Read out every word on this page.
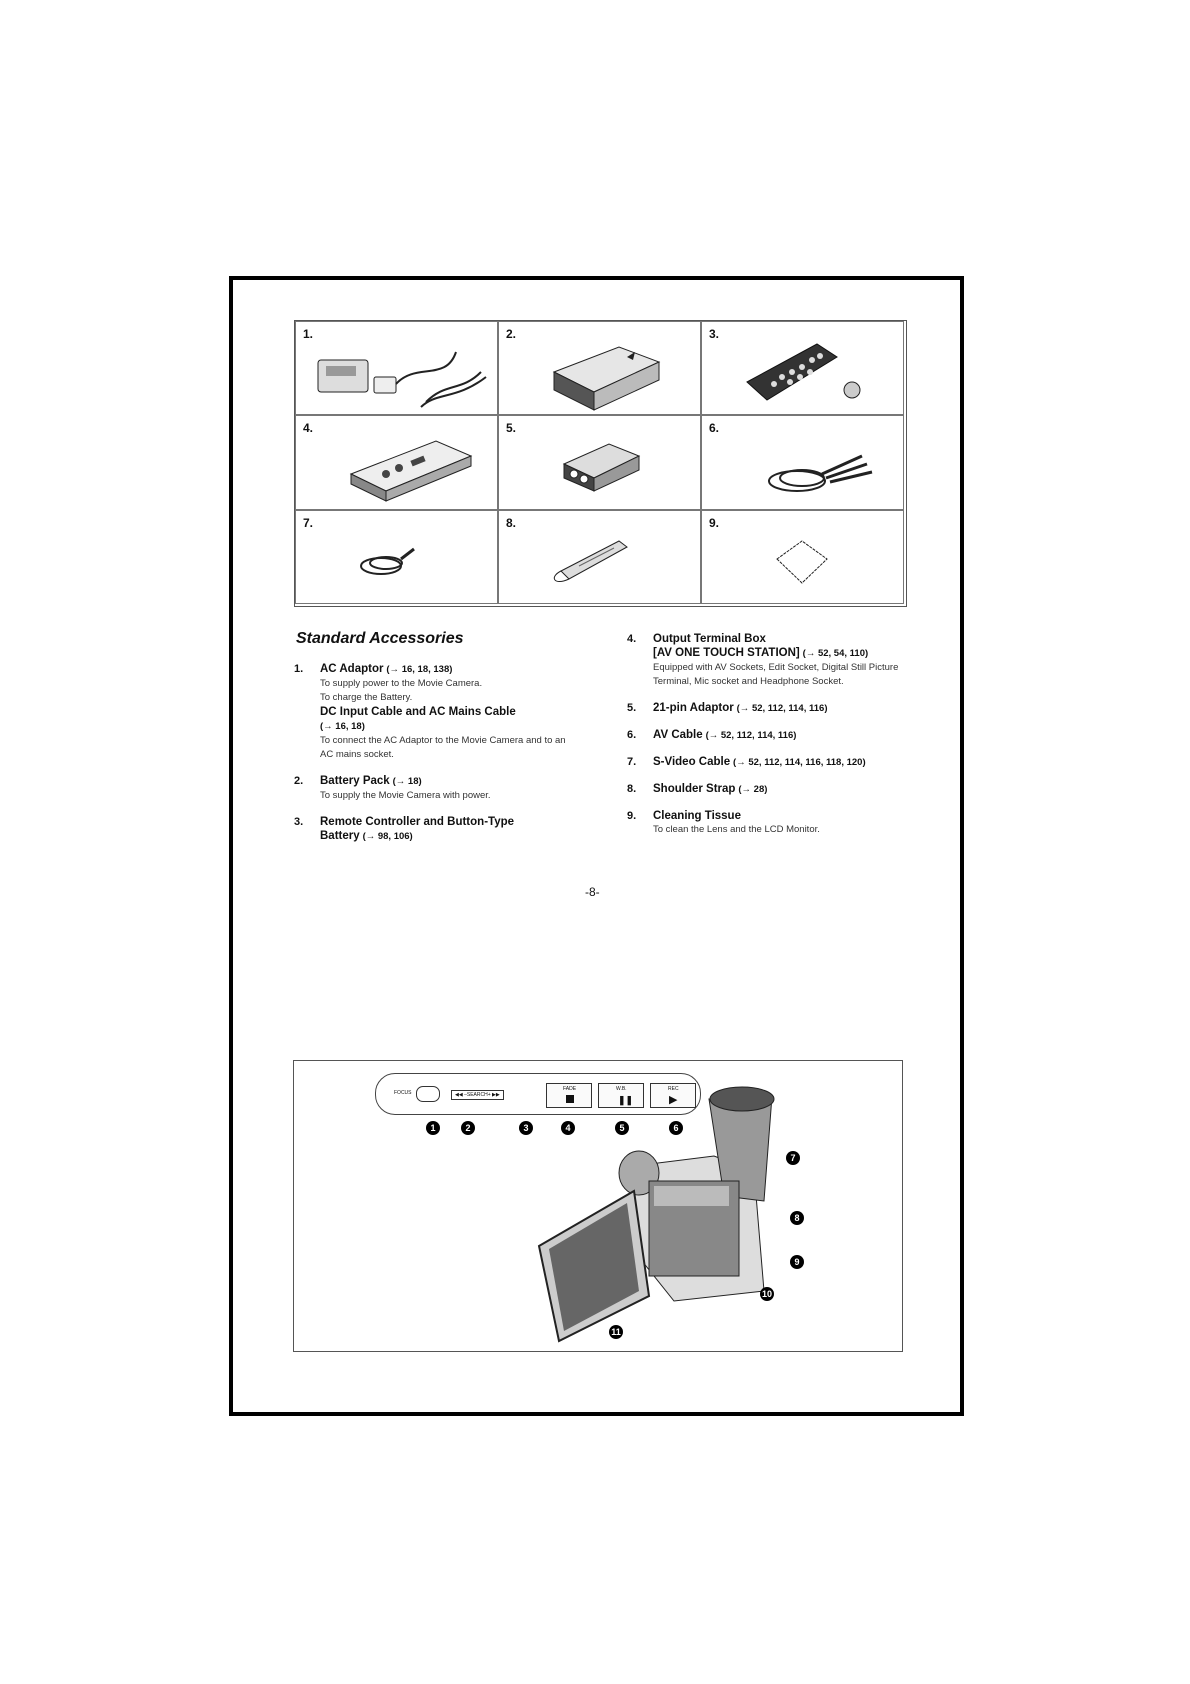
1.	2.	3.
4.	5.	6.
7.	8.	9.
Standard Accessories
1. AC Adaptor (→ 16, 18, 138)
To supply power to the Movie Camera.
To charge the Battery.
DC Input Cable and AC Mains Cable
(→ 16, 18)
To connect the AC Adaptor to the Movie Camera and to an AC mains socket.
2. Battery Pack (→ 18)
To supply the Movie Camera with power.
3. Remote Controller and Button-Type
Battery (→ 98, 106)
4. Output Terminal Box
[AV ONE TOUCH STATION] (→ 52, 54, 110)
Equipped with AV Sockets, Edit Socket, Digital Still Picture Terminal, Mic socket and Headphone Socket.
5. 21-pin Adaptor (→ 52, 112, 114, 116)
6. AV Cable (→ 52, 112, 114, 116)
7. S-Video Cable (→ 52, 112, 114, 116, 118, 120)
8. Shoulder Strap (→ 28)
9. Cleaning Tissue
To clean the Lens and the LCD Monitor.
-8-
FOCUS	◀◀ –SEARCH+ ▶▶
FADE	W.B.
❚❚
REC
▶
1	2	3	4	5	6
7
8
9
10
11
